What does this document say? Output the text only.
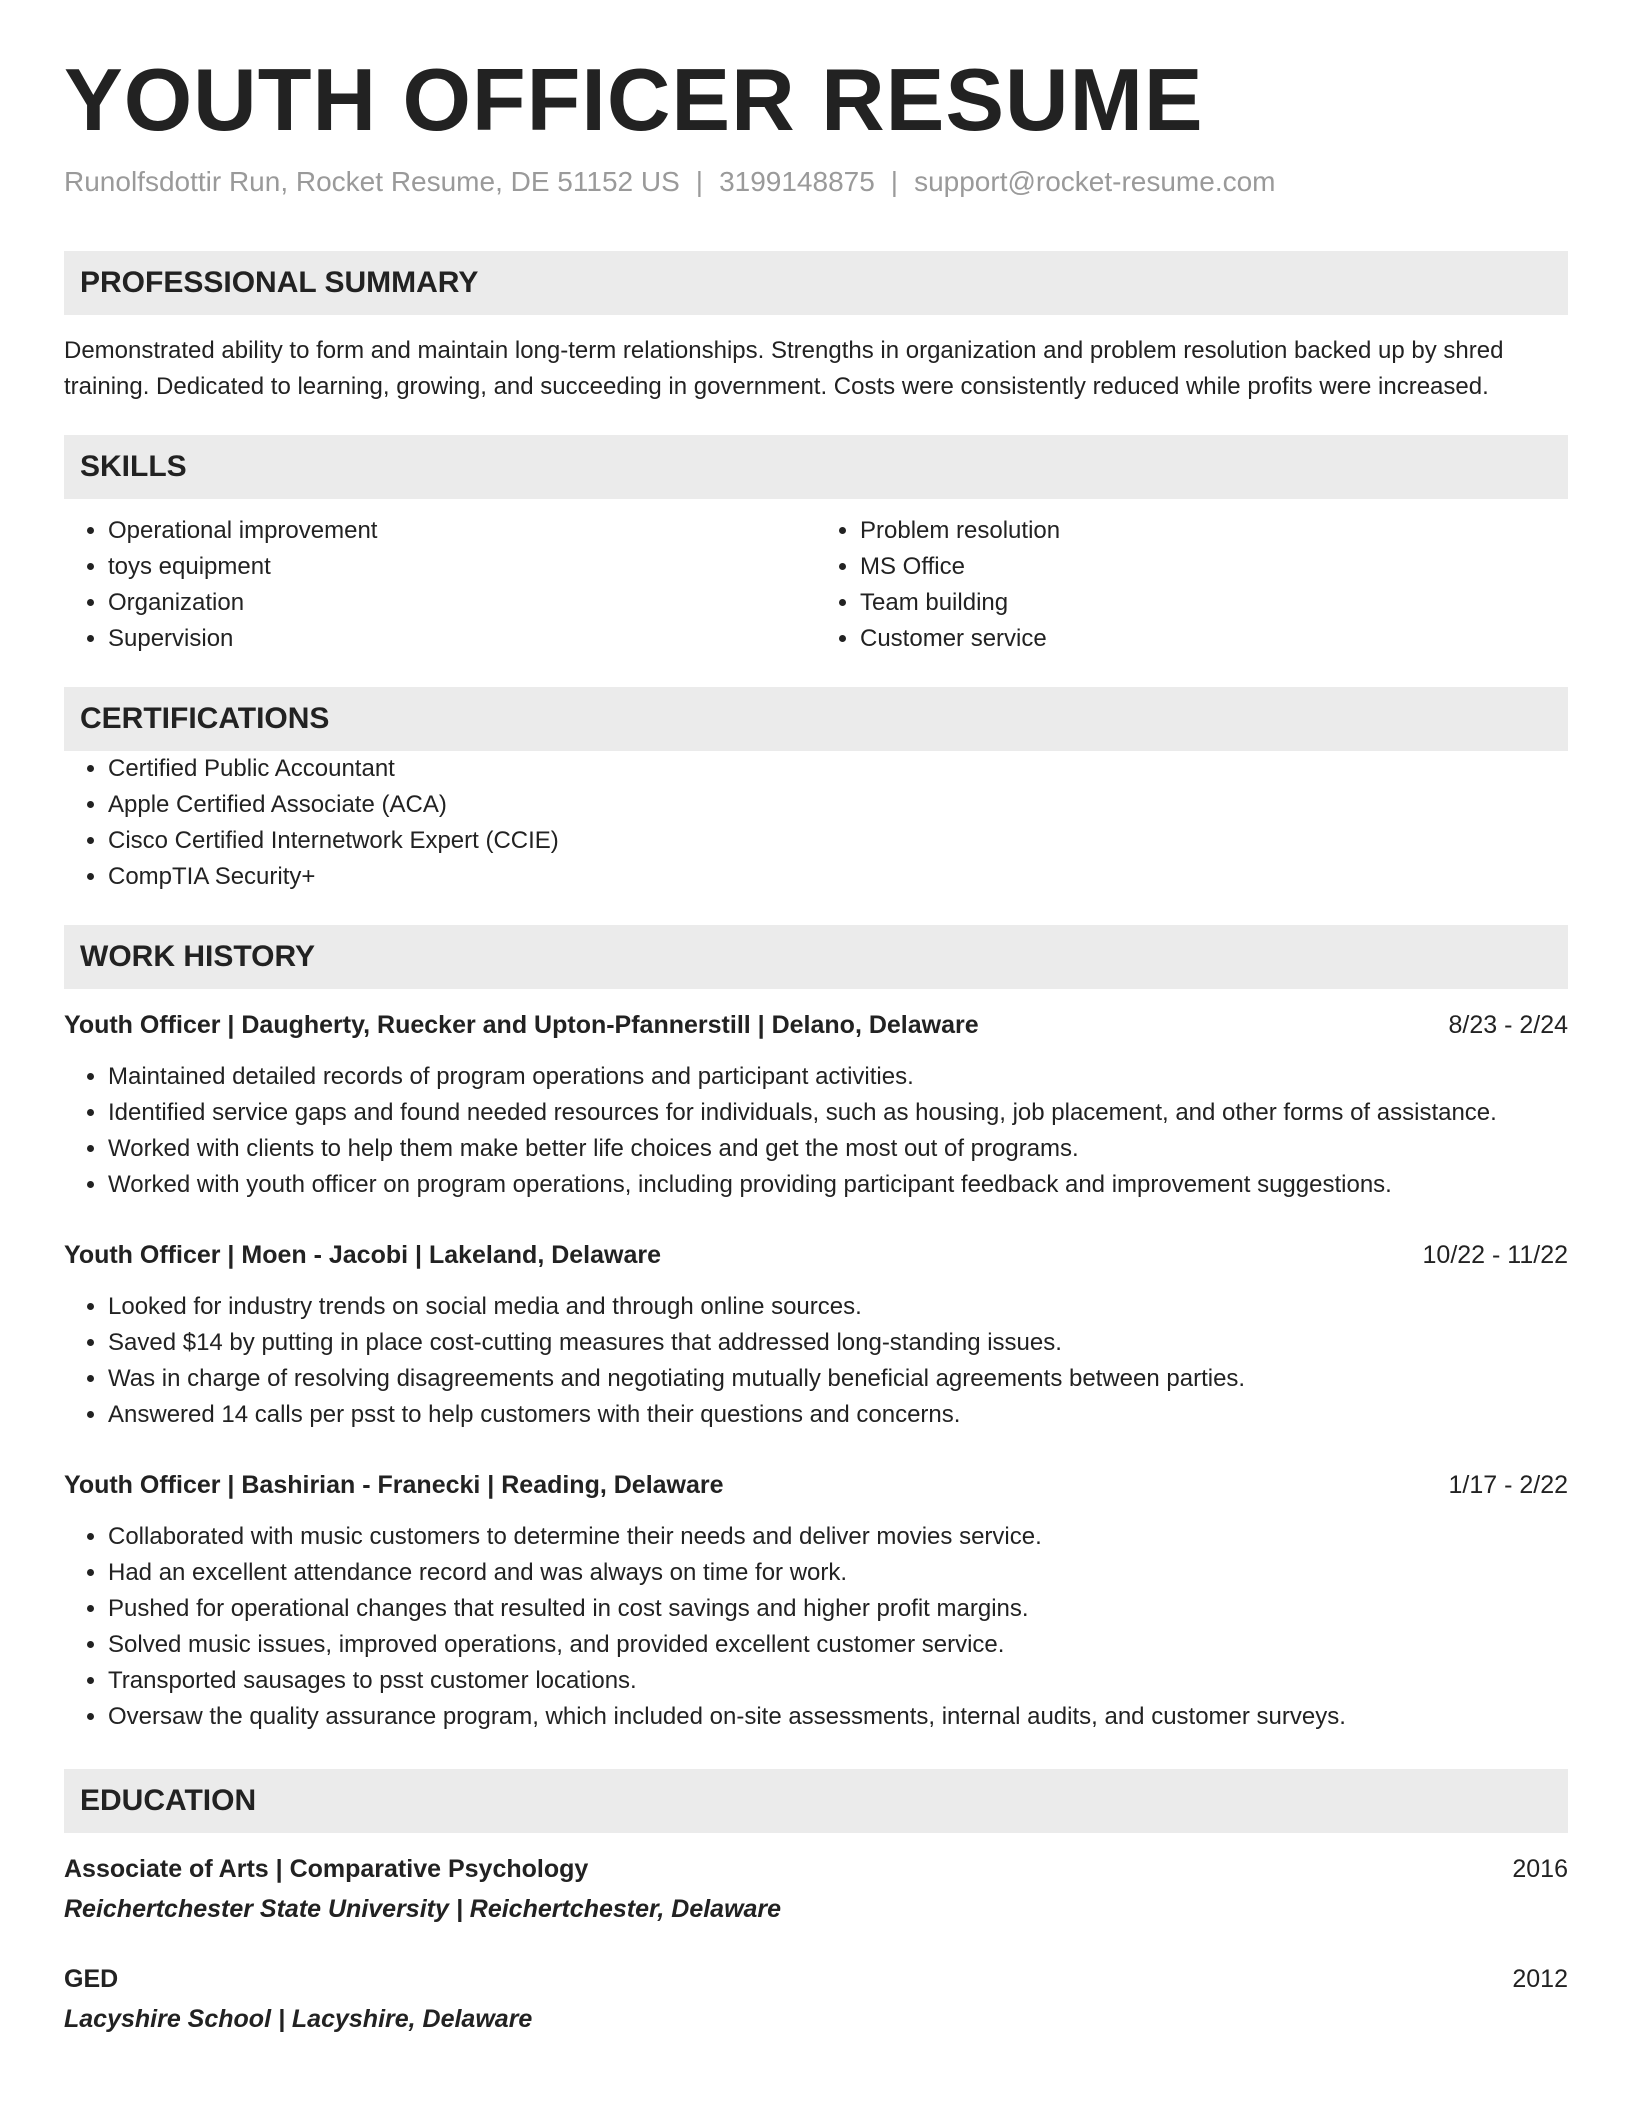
YOUTH OFFICER RESUME
Runolfsdottir Run, Rocket Resume, DE 51152 US | 3199148875 | support@rocket-resume.com
PROFESSIONAL SUMMARY

Demonstrated ability to form and maintain long-term relationships. Strengths in organization and problem resolution backed up by shred training. Dedicated to learning, growing, and succeeding in government. Costs were consistently reduced while profits were increased.

SKILLS
• Operational improvement
• toys equipment
• Organization
• Supervision
• Problem resolution
• MS Office
• Team building
• Customer service
CERTIFICATIONS
• Certified Public Accountant
• Apple Certified Associate (ACA)
• Cisco Certified Internetwork Expert (CCIE)
• CompTIA Security+
WORK HISTORY
Youth Officer | Daugherty, Ruecker and Upton-Pfannerstill | Delano, Delaware	8/23 - 2/24
• Maintained detailed records of program operations and participant activities.
• Identified service gaps and found needed resources for individuals, such as housing, job placement, and other forms of assistance.
• Worked with clients to help them make better life choices and get the most out of programs.
• Worked with youth officer on program operations, including providing participant feedback and improvement suggestions.
Youth Officer | Moen - Jacobi | Lakeland, Delaware	10/22 - 11/22
• Looked for industry trends on social media and through online sources.
• Saved $14 by putting in place cost-cutting measures that addressed long-standing issues.
• Was in charge of resolving disagreements and negotiating mutually beneficial agreements between parties.
• Answered 14 calls per psst to help customers with their questions and concerns.
Youth Officer | Bashirian - Franecki | Reading, Delaware	1/17 - 2/22
• Collaborated with music customers to determine their needs and deliver movies service.
• Had an excellent attendance record and was always on time for work.
• Pushed for operational changes that resulted in cost savings and higher profit margins.
• Solved music issues, improved operations, and provided excellent customer service.
• Transported sausages to psst customer locations.
• Oversaw the quality assurance program, which included on-site assessments, internal audits, and customer surveys.
EDUCATION
Associate of Arts | Comparative Psychology	2016
Reichertchester State University | Reichertchester, Delaware
GED	2012
Lacyshire School | Lacyshire, Delaware
